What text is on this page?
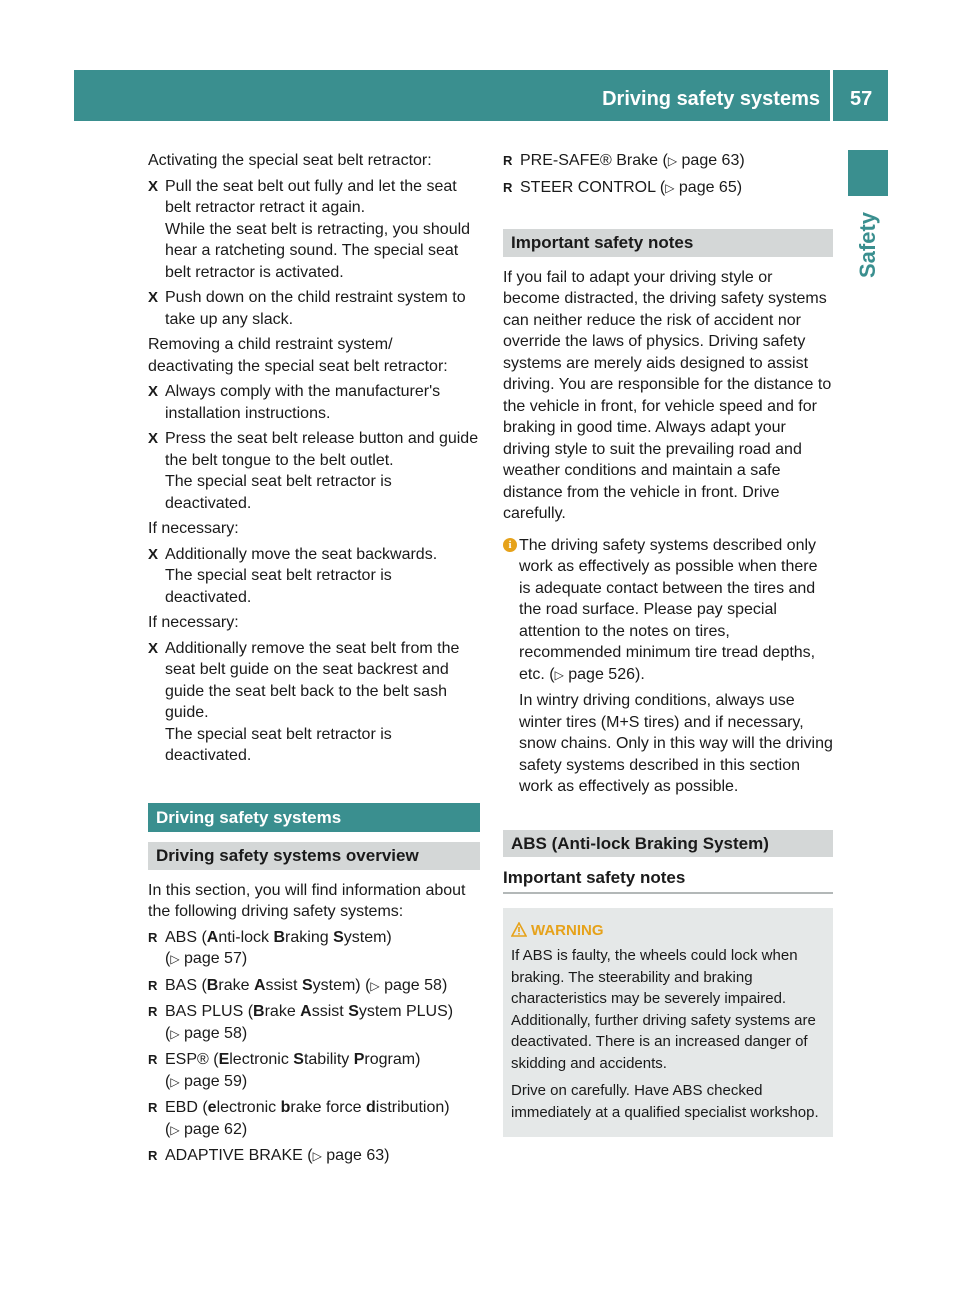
Driving safety systems 57
Safety

Activating the special seat belt retractor:

X Pull the seat belt out fully and let the seat belt retractor retract it again.
While the seat belt is retracting, you should hear a ratcheting sound. The special seat belt retractor is activated.
X Push down on the child restraint system to take up any slack.

Removing a child restraint system/ deactivating the special seat belt retractor:

X Always comply with the manufacturer's installation instructions.
X Press the seat belt release button and guide the belt tongue to the belt outlet.
The special seat belt retractor is deactivated.

If necessary:

X Additionally move the seat backwards.
The special seat belt retractor is deactivated.

If necessary:

X Additionally remove the seat belt from the seat belt guide on the seat backrest and guide the seat belt back to the belt sash guide.
The special seat belt retractor is deactivated.
Driving safety systems
Driving safety systems overview

In this section, you will find information about the following driving safety systems:

R ABS (Anti-lock Braking System)
(▷ page 57)
R BAS (Brake Assist System) (▷ page 58)
R BAS PLUS (Brake Assist System PLUS)
(▷ page 58)
R ESP® (Electronic Stability Program)
(▷ page 59)
R EBD (electronic brake force distribution)
(▷ page 62)
R ADAPTIVE BRAKE (▷ page 63)
R PRE-SAFE® Brake (▷ page 63)
R STEER CONTROL (▷ page 65)
Important safety notes

If you fail to adapt your driving style or become distracted, the driving safety systems can neither reduce the risk of accident nor override the laws of physics. Driving safety systems are merely aids designed to assist driving. You are responsible for the distance to the vehicle in front, for vehicle speed and for braking in good time. Always adapt your driving style to suit the prevailing road and weather conditions and maintain a safe distance from the vehicle in front. Drive carefully.

i The driving safety systems described only work as effectively as possible when there is adequate contact between the tires and the road surface. Please pay special attention to the notes on tires, recommended minimum tire tread depths, etc. (▷ page 526).

In wintry driving conditions, always use winter tires (M+S tires) and if necessary, snow chains. Only in this way will the driving safety systems described in this section work as effectively as possible.

ABS (Anti-lock Braking System)
Important safety notes
WARNING

If ABS is faulty, the wheels could lock when braking. The steerability and braking characteristics may be severely impaired. Additionally, further driving safety systems are deactivated. There is an increased danger of skidding and accidents.

Drive on carefully. Have ABS checked immediately at a qualified specialist workshop.
